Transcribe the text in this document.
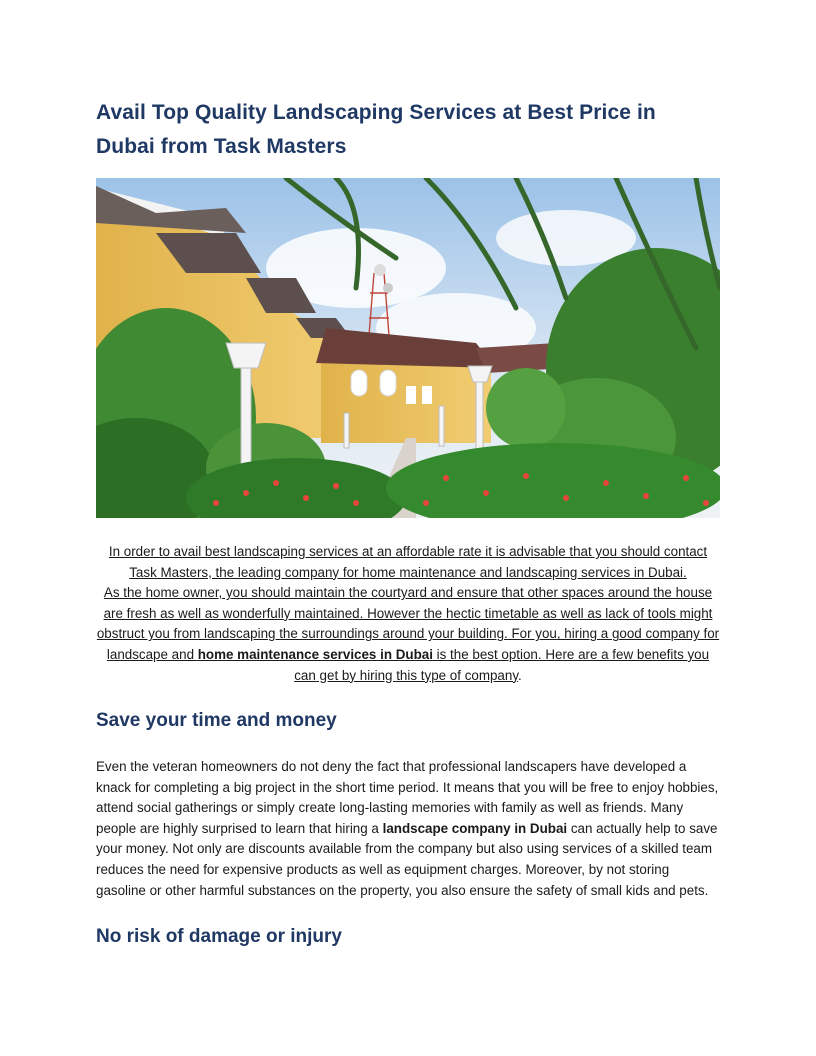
Avail Top Quality Landscaping Services at Best Price in Dubai from Task Masters

In order to avail best landscaping services at an affordable rate it is advisable that you should contact Task Masters, the leading company for home maintenance and landscaping services in Dubai.

As the home owner, you should maintain the courtyard and ensure that other spaces around the house are fresh as well as wonderfully maintained. However the hectic timetable as well as lack of tools might obstruct you from landscaping the surroundings around your building. For you, hiring a good company for landscape and home maintenance services in Dubai is the best option. Here are a few benefits you can get by hiring this type of company.

Save your time and money

Even the veteran homeowners do not deny the fact that professional landscapers have developed a knack for completing a big project in the short time period. It means that you will be free to enjoy hobbies, attend social gatherings or simply create long-lasting memories with family as well as friends. Many people are highly surprised to learn that hiring a landscape company in Dubai can actually help to save your money. Not only are discounts available from the company but also using services of a skilled team reduces the need for expensive products as well as equipment charges. Moreover, by not storing gasoline or other harmful substances on the property, you also ensure the safety of small kids and pets.

No risk of damage or injury
